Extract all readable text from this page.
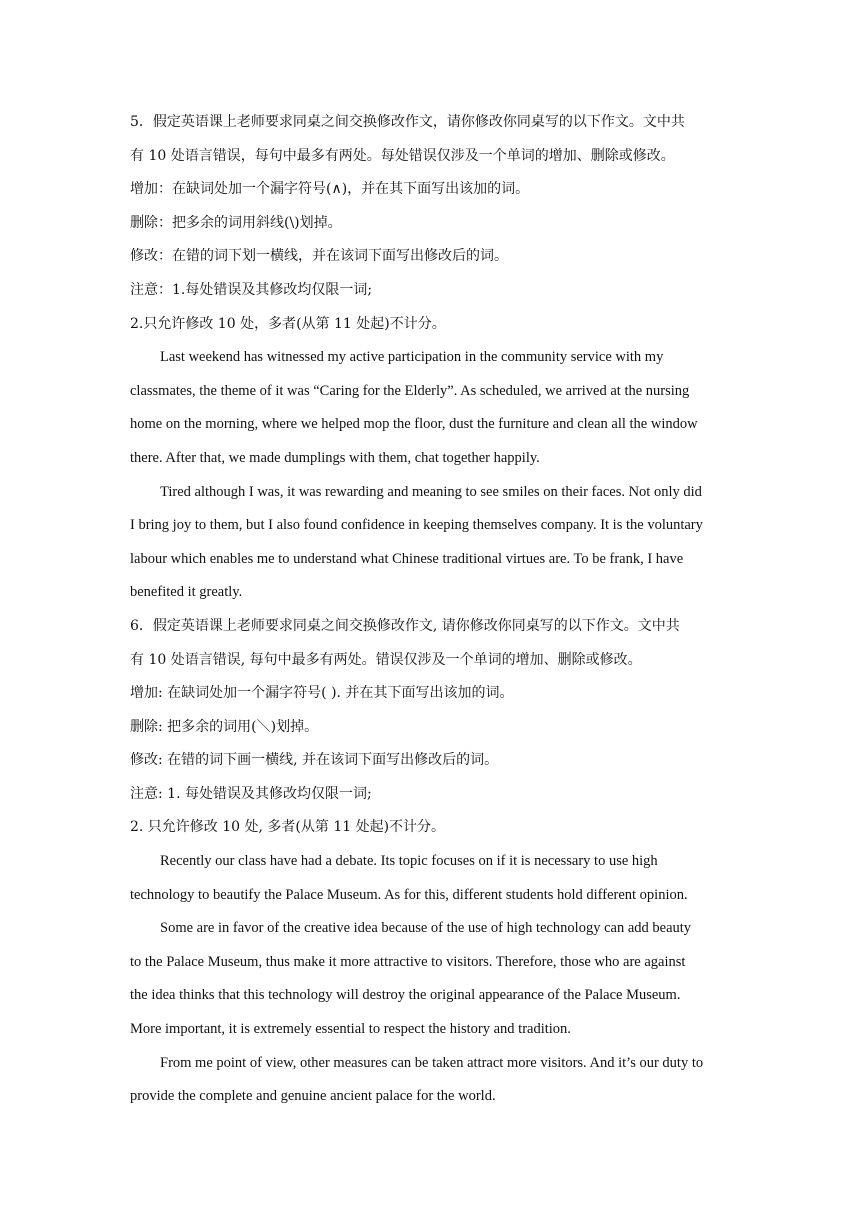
5．假定英语课上老师要求同桌之间交换修改作文，请你修改你同桌写的以下作文。文中共

有 10 处语言错误，每句中最多有两处。每处错误仅涉及一个单词的增加、删除或修改。

增加：在缺词处加一个漏字符号(∧)，并在其下面写出该加的词。

删除：把多余的词用斜线(\)划掉。

修改：在错的词下划一横线，并在该词下面写出修改后的词。

注意：1.每处错误及其修改均仅限一词;

2.只允许修改 10 处，多者(从第 11 处起)不计分。

Last weekend has witnessed my active participation in the community service with my

classmates, the theme of it was “Caring for the Elderly”. As scheduled, we arrived at the nursing

home on the morning, where we helped mop the floor, dust the furniture and clean all the window

there. After that, we made dumplings with them, chat together happily.

Tired although I was, it was rewarding and meaning to see smiles on their faces. Not only did

I bring joy to them, but I also found confidence in keeping themselves company. It is the voluntary

labour which enables me to understand what Chinese traditional virtues are. To be frank, I have

benefited it greatly.

6．假定英语课上老师要求同桌之间交换修改作文, 请你修改你同桌写的以下作文。文中共

有 10 处语言错误, 每句中最多有两处。错误仅涉及一个单词的增加、删除或修改。

增加: 在缺词处加一个漏字符号( ). 并在其下面写出该加的词。

删除: 把多余的词用(＼)划掉。

修改: 在错的词下画一横线, 并在该词下面写出修改后的词。

注意: 1. 每处错误及其修改均仅限一词;

2. 只允许修改 10 处, 多者(从第 11 处起)不计分。

Recently our class have had a debate. Its topic focuses on if it is necessary to use high

technology to beautify the Palace Museum. As for this, different students hold different opinion.

Some are in favor of the creative idea because of the use of high technology can add beauty

to the Palace Museum, thus make it more attractive to visitors. Therefore, those who are against

the idea thinks that this technology will destroy the original appearance of the Palace Museum.

More important, it is extremely essential to respect the history and tradition.

From me point of view, other measures can be taken attract more visitors. And it’s our duty to

provide the complete and genuine ancient palace for the world.
